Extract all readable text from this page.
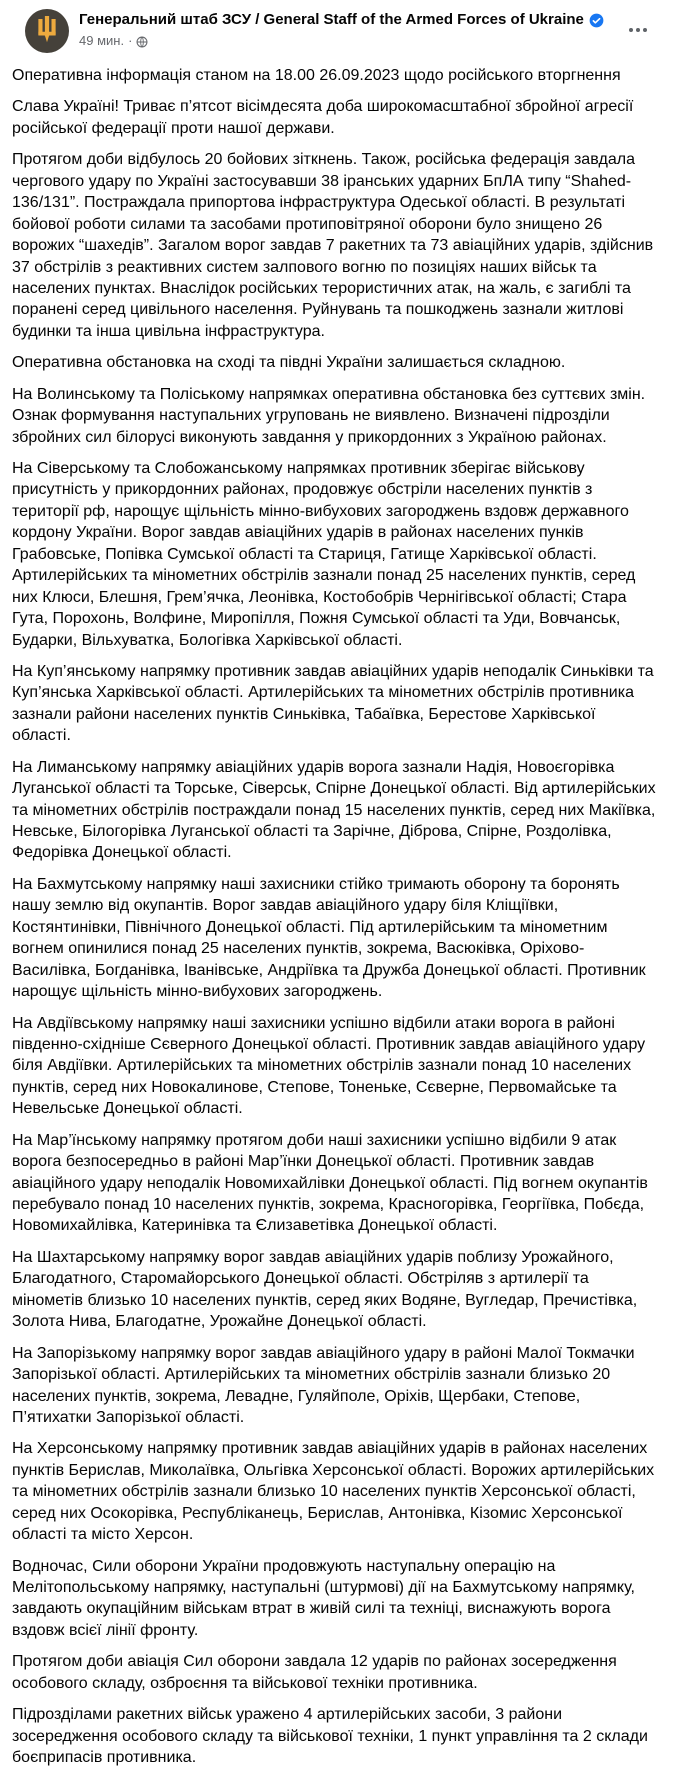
Генеральний штаб ЗСУ / General Staff of the Armed Forces of Ukraine
49 мин. ·

Оперативна інформація станом на 18.00 26.09.2023 щодо російського вторгнення

Слава Україні! Триває п’ятсот вісімдесята доба широкомасштабної збройної агресії російської федерації проти нашої держави.

Протягом доби відбулось 20 бойових зіткнень. Також, російська федерація завдала чергового удару по Україні застосувавши 38 іранських ударних БпЛА типу “Shahed-136/131”. Постраждала припортова інфраструктура Одеської області. В результаті бойової роботи силами та засобами протиповітряної оборони було знищено 26 ворожих “шахедів”. Загалом ворог завдав 7 ракетних та 73 авіаційних ударів, здійснив 37 обстрілів з реактивних систем залпового вогню по позиціях наших військ та населених пунктах. Внаслідок російських терористичних атак, на жаль, є загиблі та поранені серед цивільного населення. Руйнувань та пошкоджень зазнали житлові будинки та інша цивільна інфраструктура.

Оперативна обстановка на сході та півдні України залишається складною.

На Волинському та Поліському напрямках оперативна обстановка без суттєвих змін. Ознак формування наступальних угруповань не виявлено. Визначені підрозділи збройних сил білорусі виконують завдання у прикордонних з Україною районах.

На Сіверському та Слобожанському напрямках противник зберігає військову присутність у прикордонних районах, продовжує обстріли населених пунктів з території рф, нарощує щільність мінно-вибухових загороджень вздовж державного кордону України. Ворог завдав авіаційних ударів в районах населених пунків Грабовське, Попівка Сумської області та Стариця, Гатище Харківської області. Артилерійських та мінометних обстрілів зазнали понад 25 населених пунктів, серед них Клюси, Блешня, Грем’ячка, Леонівка, Костобобрів Чернігівської області; Стара Гута, Порохонь, Волфине, Миропілля, Пожня Сумської області та Уди, Вовчанськ, Бударки, Вільхуватка, Бологівка Харківської області.

На Куп’янському напрямку противник завдав авіаційних ударів неподалік Синьківки та Куп’янська Харківської області. Артилерійських та мінометних обстрілів противника зазнали райони населених пунктів Синьківка, Табаївка, Берестове Харківської області.

На Лиманському напрямку авіаційних ударів ворога зазнали Надія, Новоєгорівка Луганської області та Торське, Сіверськ, Спірне Донецької області. Від артилерійських та мінометних обстрілів постраждали понад 15 населених пунктів, серед них Макіївка, Невське, Білогорівка Луганської області та Зарічне, Діброва, Спірне, Роздолівка, Федорівка Донецької області.

На Бахмутському напрямку наші захисники стійко тримають оборону та боронять нашу землю від окупантів. Ворог завдав авіаційного удару біля Кліщіївки, Костянтинівки, Північного Донецької області. Під артилерійським та мінометним вогнем опинилися понад 25 населених пунктів, зокрема, Васюківка, Оріхово-Василівка, Богданівка, Іванівське, Андріївка та Дружба Донецької області. Противник нарощує щільність мінно-вибухових загороджень.

На Авдіївському напрямку наші захисники успішно відбили атаки ворога в районі південно-східніше Сєверного Донецької області. Противник завдав авіаційного удару біля Авдіївки. Артилерійських та мінометних обстрілів зазнали понад 10 населених пунктів, серед них Новокалинове, Степове, Тоненьке, Сєверне, Первомайське та Невельське Донецької області.

На Мар’їнському напрямку протягом доби наші захисники успішно відбили 9 атак ворога безпосередньо в районі Мар’їнки Донецької області. Противник завдав авіаційного удару неподалік Новомихайлівки Донецької області. Під вогнем окупантів перебувало понад 10 населених пунктів, зокрема, Красногорівка, Георгіївка, Побєда, Новомихайлівка, Катеринівка та Єлизаветівка Донецької області.

На Шахтарському напрямку ворог завдав авіаційних ударів поблизу Урожайного, Благодатного, Старомайорського Донецької області. Обстріляв з артилерії та мінометів близько 10 населених пунктів, серед яких Водяне, Вугледар, Пречистівка, Золота Нива, Благодатне, Урожайне Донецької області.

На Запорізькому напрямку ворог завдав авіаційного удару в районі Малої Токмачки Запорізької області. Артилерійських та мінометних обстрілів зазнали близько 20 населених пунктів, зокрема, Левадне, Гуляйполе, Оріхів, Щербаки, Степове, П’ятихатки Запорізької області.

На Херсонському напрямку противник завдав авіаційних ударів в районах населених пунктів Берислав, Миколаївка, Ольгівка Херсонської області. Ворожих артилерійських та мінометних обстрілів зазнали близько 10 населених пунктів Херсонської області, серед них Осокорівка, Республіканець, Берислав, Антонівка, Кізомис Херсонської області та місто Херсон.

Водночас, Сили оборони України продовжують наступальну операцію на Мелітопольському напрямку, наступальні (штурмові) дії на Бахмутському напрямку, завдають окупаційним військам втрат в живій силі та техніці, виснажують ворога вздовж всієї лінії фронту.

Протягом доби авіація Сил оборони завдала 12 ударів по районах зосередження особового складу, озброєння та військової техніки противника.

Підрозділами ракетних військ уражено 4 артилерійських засоби, 3 райони зосередження особового складу та військової техніки, 1 пункт управління та 2 склади боєприпасів противника.
